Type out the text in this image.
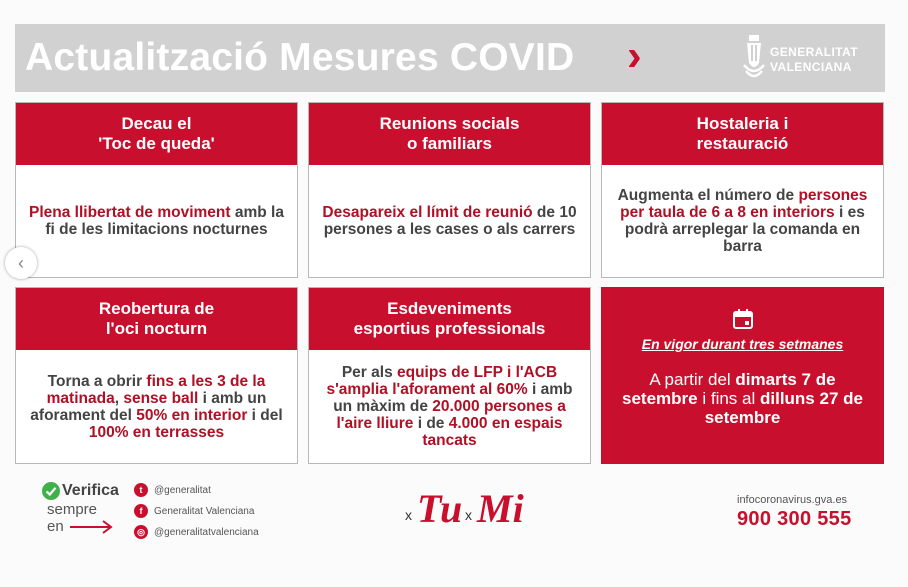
Actualització Mesures COVID ›	GENERALITAT
VALENCIANA
Decau el
'Toc de queda'
Plena llibertat de moviment amb la fi de les limitacions nocturnes
Reunions socials
o familiars
Desapareix el límit de reunió de 10 persones a les cases o als carrers
Hostaleria i
restauració
Augmenta el número de persones per taula de 6 a 8 en interiors i es podrà arreplegar la comanda en barra
Reobertura de
l'oci nocturn
Torna a obrir fins a les 3 de la matinada, sense ball i amb un aforament del 50% en interior i del 100% en terrasses
Esdeveniments
esportius professionals
Per als equips de LFP i l'ACB s'amplia l'aforament al 60% i amb un màxim de 20.000 persones a l'aire lliure i de 4.000 en espais tancats
En vigor durant tres setmanes
A partir del dimarts 7 de setembre i fins al dilluns 27 de setembre
‹
Verifica
sempre
en
t	@generalitat
f	Generalitat Valenciana
◎ @generalitatvalenciana
x Tu x Mi	infocoronavirus.gva.es
900 300 555
